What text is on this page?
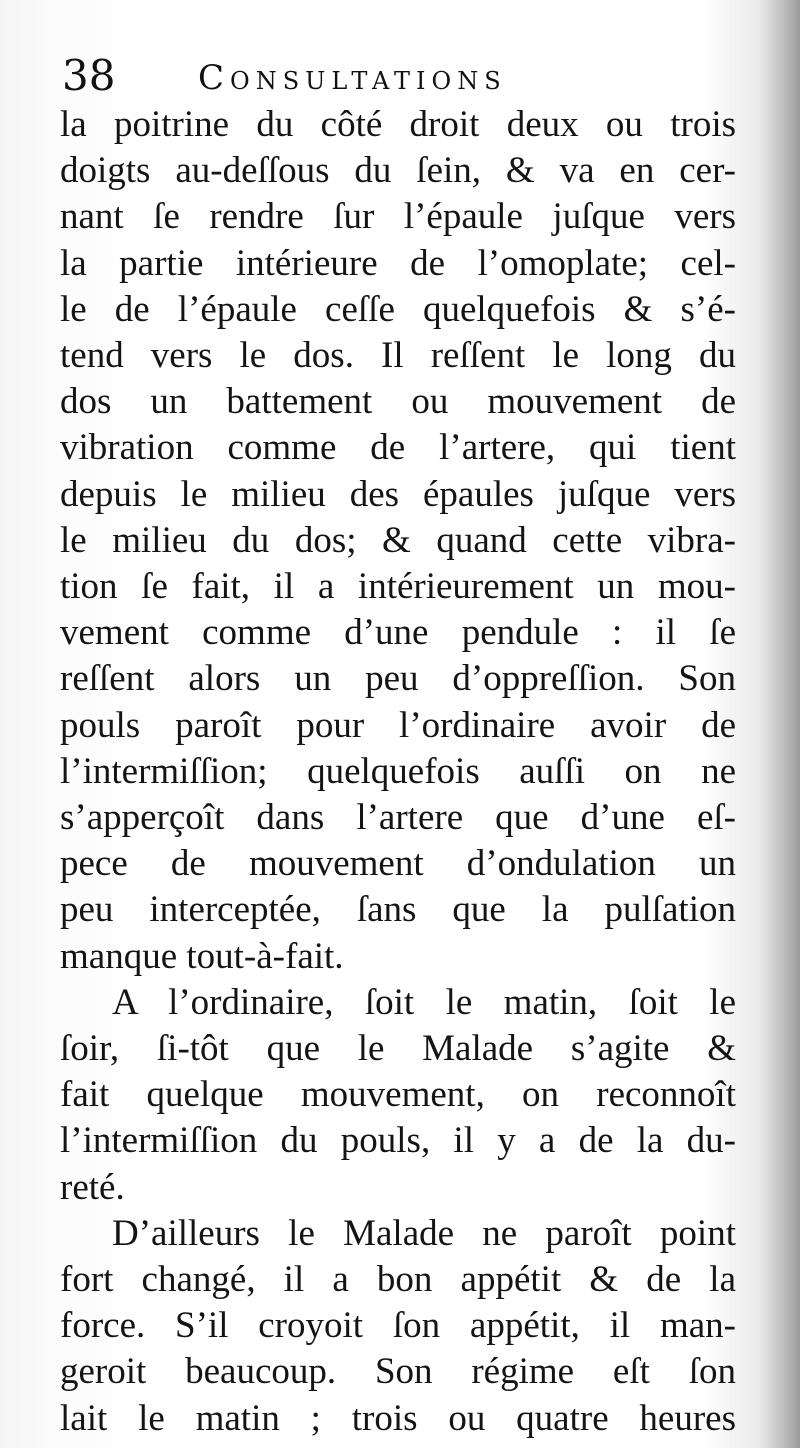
38 Consultations
la poitrine du côté droit deux ou trois
doigts au-deſſous du ſein, & va en cer-
nant ſe rendre ſur l’épaule juſque vers
la partie intérieure de l’omoplate; cel-
le de l’épaule ceſſe quelquefois & s’é-
tend vers le dos. Il reſſent le long du
dos un battement ou mouvement de
vibration comme de l’artere, qui tient
depuis le milieu des épaules juſque vers
le milieu du dos; & quand cette vibra-
tion ſe fait, il a intérieurement un mou-
vement comme d’une pendule : il ſe
reſſent alors un peu d’oppreſſion. Son
pouls paroît pour l’ordinaire avoir de
l’intermiſſion; quelquefois auſſi on ne
s’apperçoît dans l’artere que d’une eſ-
pece de mouvement d’ondulation un
peu interceptée, ſans que la pulſation
manque tout-à-fait.
A l’ordinaire, ſoit le matin, ſoit le
ſoir, ſi-tôt que le Malade s’agite &
fait quelque mouvement, on reconnoît
l’intermiſſion du pouls, il y a de la du-
reté.
D’ailleurs le Malade ne paroît point
fort changé, il a bon appétit & de la
force. S’il croyoit ſon appétit, il man-
geroit beaucoup. Son régime eſt ſon
lait le matin ; trois ou quatre heures
